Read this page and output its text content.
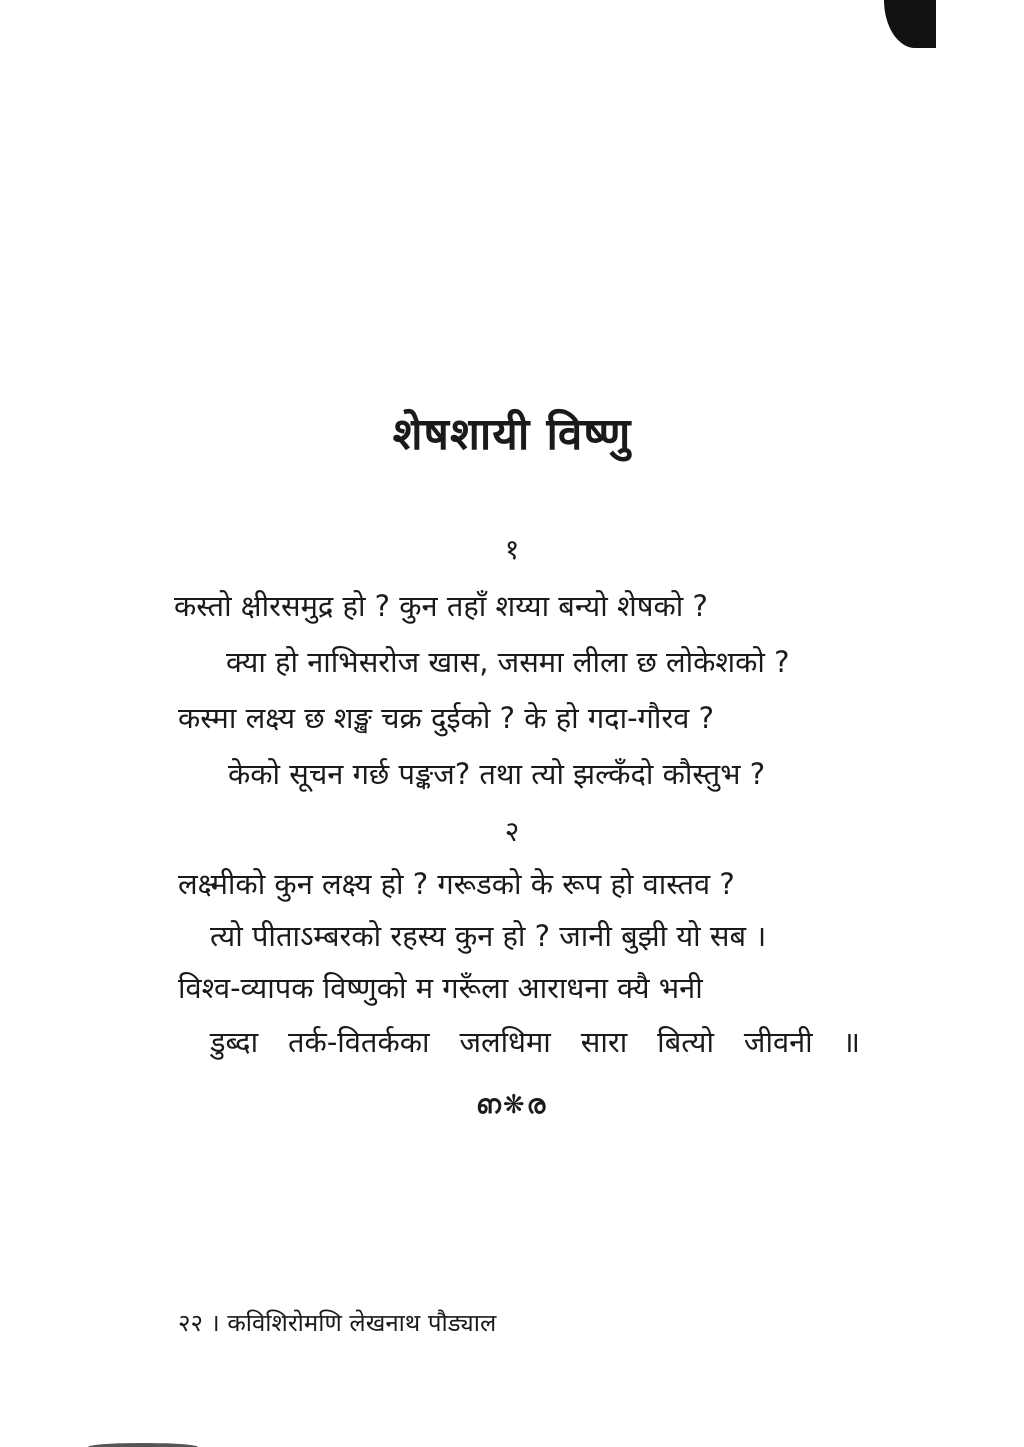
शेषशायी विष्णु
१
कस्तो क्षीरसमुद्र हो ? कुन तहाँ शय्या बन्यो शेषको ?
क्या हो नाभिसरोज खास, जसमा लीला छ लोकेशको ?
कस्मा लक्ष्य छ शङ्ख चक्र दुईको ? के हो गदा-गौरव ?
केको सूचन गर्छ पङ्कज? तथा त्यो झल्कँदो कौस्तुभ ?
२
लक्ष्मीको कुन लक्ष्य हो ? गरूडको के रूप हो वास्तव ?
त्यो पीताऽम्बरको रहस्य कुन हो ? जानी बुझी यो सब ।
विश्व-व्यापक विष्णुको म गरूँला आराधना क्यै भनी
डुब्दा तर्क-वितर्कका जलधिमा सारा बित्यो जीवनी ॥
ഩ❋ര
२२ । कविशिरोमणि लेखनाथ पौड्याल
